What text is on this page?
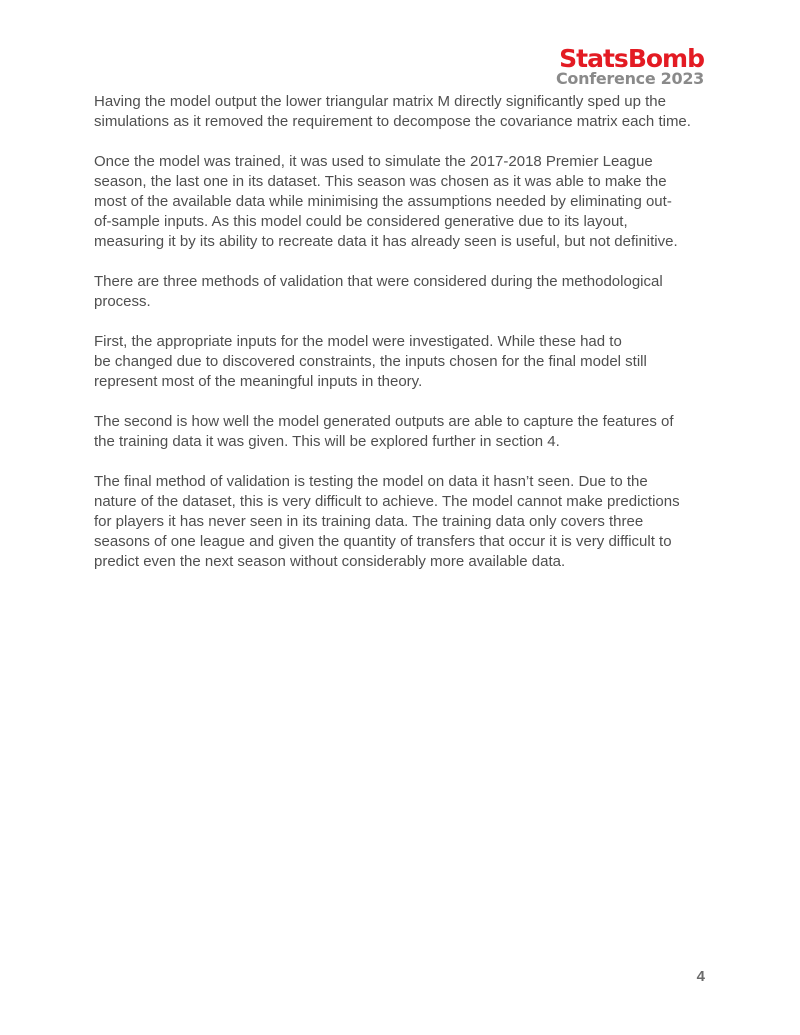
StatsBomb
Conference 2023

Having the model output the lower triangular matrix M directly significantly sped up the
simulations as it removed the requirement to decompose the covariance matrix each time.

Once the model was trained, it was used to simulate the 2017-2018 Premier League
season, the last one in its dataset. This season was chosen as it was able to make the
most of the available data while minimising the assumptions needed by eliminating out-
of-sample inputs. As this model could be considered generative due to its layout,
measuring it by its ability to recreate data it has already seen is useful, but not definitive.

There are three methods of validation that were considered during the methodological
process.

First, the appropriate inputs for the model were investigated. While these had to
be changed due to discovered constraints, the inputs chosen for the final model still
represent most of the meaningful inputs in theory.

The second is how well the model generated outputs are able to capture the features of
the training data it was given. This will be explored further in section 4.

The final method of validation is testing the model on data it hasn’t seen. Due to the
nature of the dataset, this is very difficult to achieve. The model cannot make predictions
for players it has never seen in its training data. The training data only covers three
seasons of one league and given the quantity of transfers that occur it is very difficult to
predict even the next season without considerably more available data.

4
